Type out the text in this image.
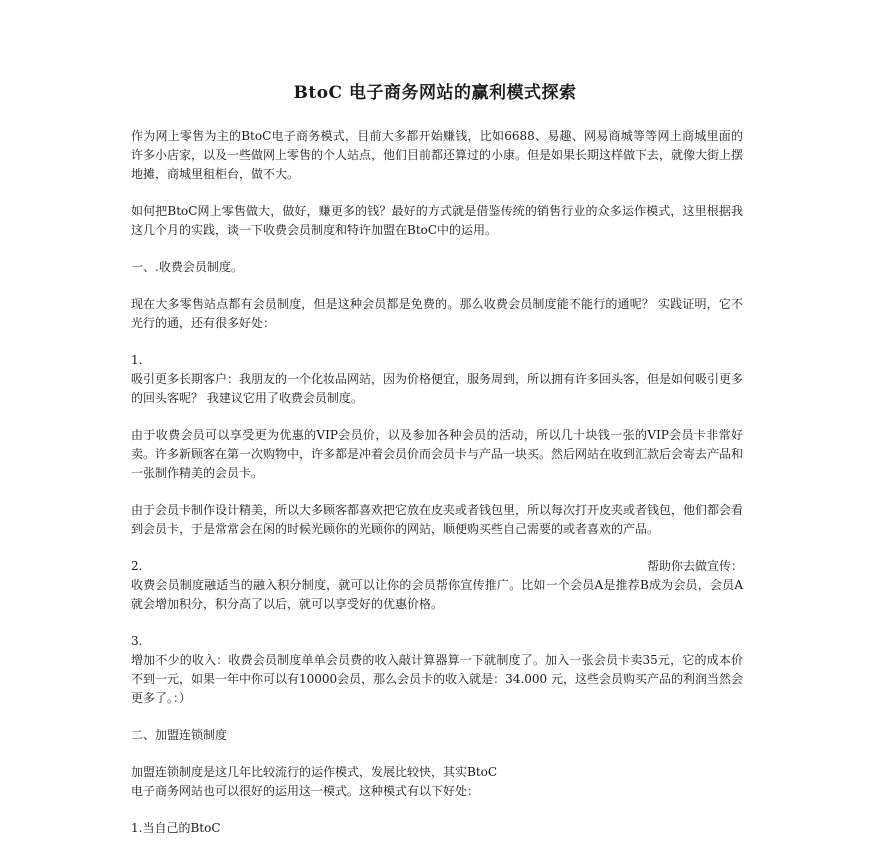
BtoC 电子商务网站的赢利模式探索

作为网上零售为主的BtoC电子商务模式，目前大多都开始赚钱，比如6688、易趣、网易商城等等网上商城里面的许多小店家，以及一些做网上零售的个人站点，他们目前都还算过的小康。但是如果长期这样做下去，就像大街上摆地摊，商城里租柜台，做不大。

如何把BtoC网上零售做大，做好，赚更多的钱？最好的方式就是借鉴传统的销售行业的众多运作模式，这里根据我这几个月的实践，谈一下收费会员制度和特许加盟在BtoC中的运用。

一、.收费会员制度。

现在大多零售站点都有会员制度，但是这种会员都是免费的。那么收费会员制度能不能行的通呢？ 实践证明，它不光行的通，还有很多好处：

1.

吸引更多长期客户：我朋友的一个化妆品网站，因为价格便宜，服务周到，所以拥有许多回头客，但是如何吸引更多的回头客呢？ 我建议它用了收费会员制度。

由于收费会员可以享受更为优惠的VIP会员价，以及参加各种会员的活动，所以几十块钱一张的VIP会员卡非常好卖。许多新顾客在第一次购物中，许多都是冲着会员价而会员卡与产品一块买。然后网站在收到汇款后会寄去产品和一张制作精美的会员卡。

由于会员卡制作设计精美，所以大多顾客都喜欢把它放在皮夹或者钱包里，所以每次打开皮夹或者钱包，他们都会看到会员卡，于是常常会在闲的时候光顾你的光顾你的网站，顺便购买些自己需要的或者喜欢的产品。

2.	帮助你去做宣传：

收费会员制度融适当的融入积分制度，就可以让你的会员帮你宣传推广。比如一个会员A是推荐B成为会员，会员A就会增加积分，积分高了以后，就可以享受好的优惠价格。

3.

增加不少的收入：收费会员制度单单会员费的收入敲计算器算一下就制度了。加入一张会员卡卖35元，它的成本价不到一元，如果一年中你可以有10000会员，那么会员卡的收入就是：34.000 元，这些会员购买产品的利润当然会更多了。：）

二、加盟连锁制度

加盟连锁制度是这几年比较流行的运作模式，发展比较快，其实BtoC

电子商务网站也可以很好的运用这一模式。这种模式有以下好处：

1.当自己的BtoC
